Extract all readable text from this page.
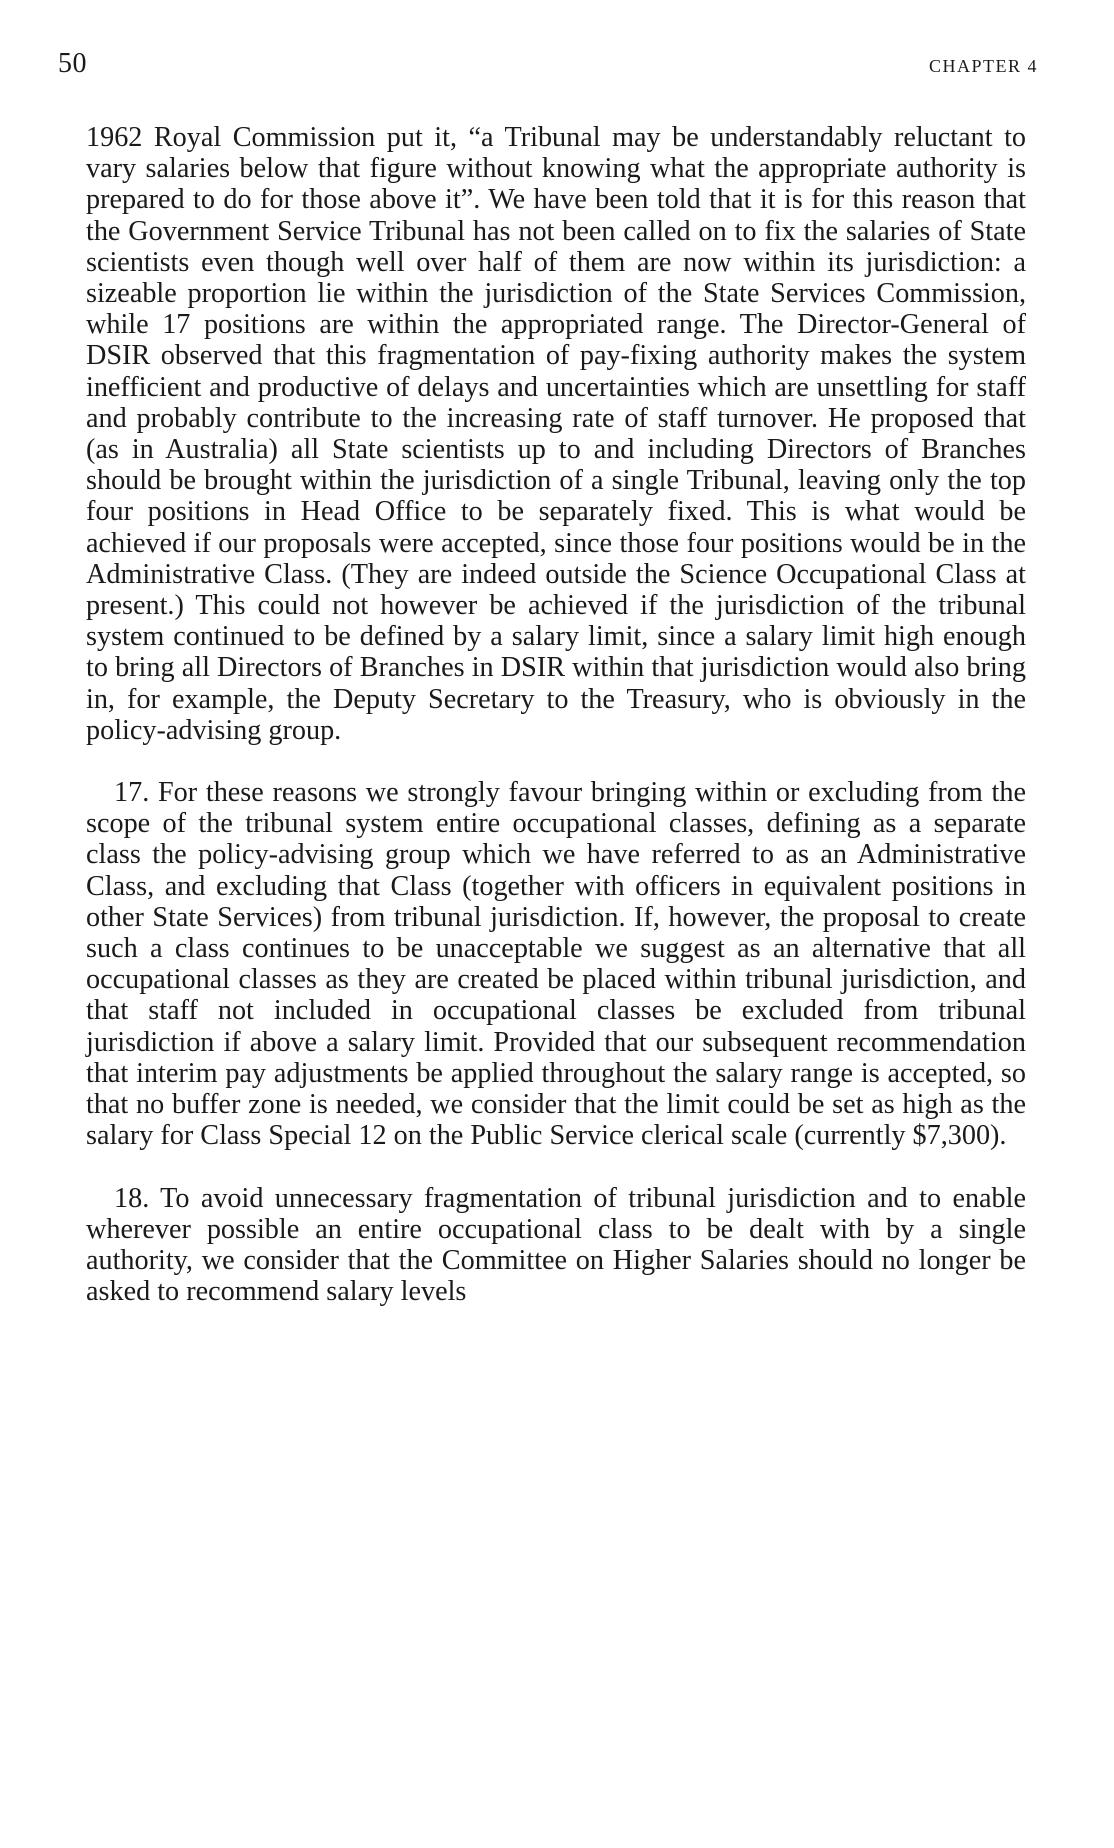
50	CHAPTER 4

1962 Royal Commission put it, “a Tribunal may be understandably reluctant to vary salaries below that figure without knowing what the appropriate authority is prepared to do for those above it”. We have been told that it is for this reason that the Government Service Tribunal has not been called on to fix the salaries of State scientists even though well over half of them are now within its jurisdiction: a sizeable proportion lie within the jurisdiction of the State Services Commission, while 17 positions are within the appropriated range. The Director-General of DSIR observed that this fragmentation of pay-fixing authority makes the system inefficient and productive of delays and uncertainties which are unsettling for staff and probably contribute to the increasing rate of staff turnover. He proposed that (as in Australia) all State scientists up to and including Directors of Branches should be brought within the jurisdiction of a single Tribunal, leaving only the top four positions in Head Office to be separately fixed. This is what would be achieved if our proposals were accepted, since those four positions would be in the Administrative Class. (They are indeed outside the Science Occupational Class at present.) This could not however be achieved if the jurisdiction of the tribunal system continued to be defined by a salary limit, since a salary limit high enough to bring all Directors of Branches in DSIR within that jurisdiction would also bring in, for example, the Deputy Secretary to the Treasury, who is obviously in the policy-advising group.

17. For these reasons we strongly favour bringing within or excluding from the scope of the tribunal system entire occupational classes, defining as a separate class the policy-advising group which we have referred to as an Administrative Class, and excluding that Class (together with officers in equivalent positions in other State Services) from tribunal jurisdiction. If, however, the proposal to create such a class continues to be unacceptable we suggest as an alternative that all occupational classes as they are created be placed within tribunal jurisdiction, and that staff not included in occupational classes be excluded from tribunal jurisdiction if above a salary limit. Provided that our subsequent recommendation that interim pay adjustments be applied throughout the salary range is accepted, so that no buffer zone is needed, we consider that the limit could be set as high as the salary for Class Special 12 on the Public Service clerical scale (currently $7,300).

18. To avoid unnecessary fragmentation of tribunal jurisdiction and to enable wherever possible an entire occupational class to be dealt with by a single authority, we consider that the Committee on Higher Salaries should no longer be asked to recommend salary levels
